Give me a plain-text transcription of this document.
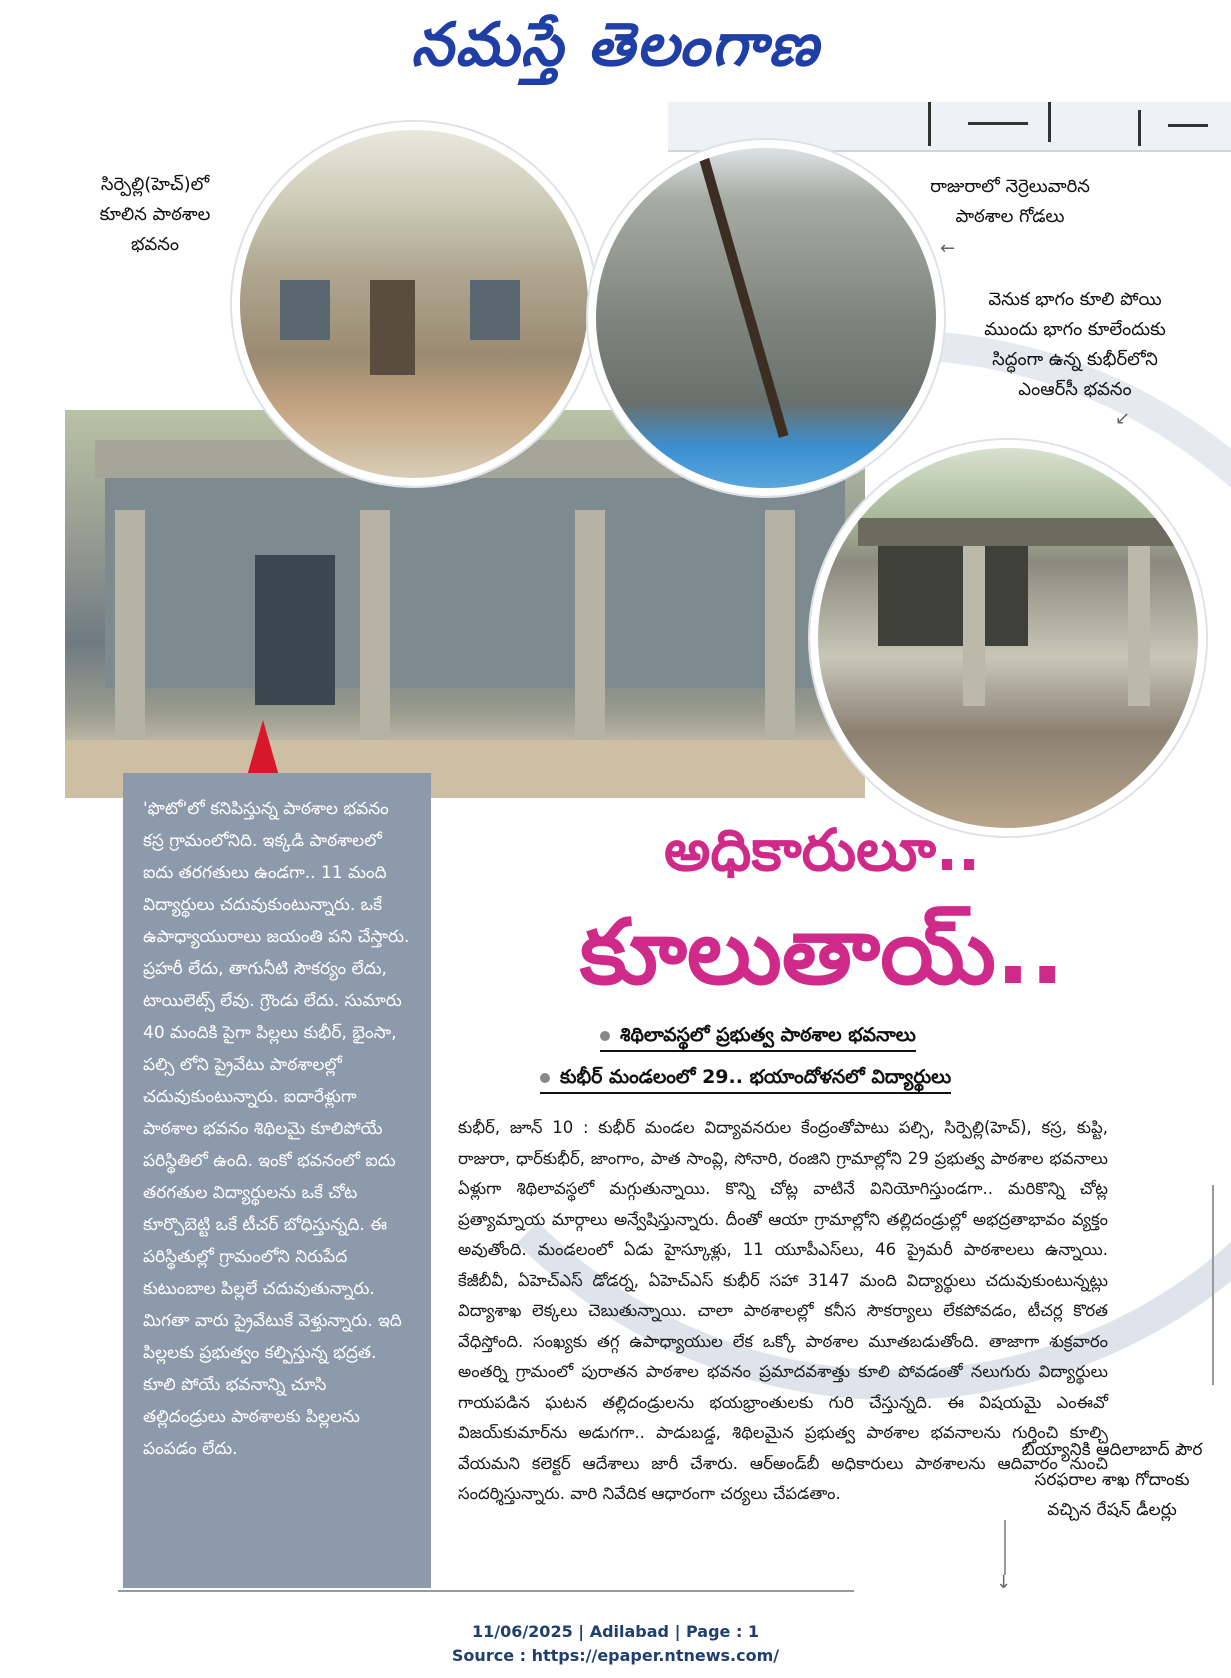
నమస్తే తెలంగాణ
సిర్పెల్లి(హెచ్)లో కూలిన పాఠశాల భవనం
రాజురాలో నెర్రెలువారిన పాఠశాల గోడలు
←
వెనుక భాగం కూలి పోయి ముందు భాగం కూలేందుకు సిద్ధంగా ఉన్న కుభీర్‌లోని ఎంఆర్‌సీ భవనం
↙
'ఫొటో'లో కనిపిస్తున్న పాఠశాల భవనం కస్ర గ్రామంలోనిది. ఇక్కడి పాఠశాలలో ఐదు తరగతులు ఉండగా.. 11 మంది విద్యార్థులు చదువుకుంటున్నారు. ఒకే ఉపాధ్యాయురాలు జయంతి పని చేస్తారు. ప్రహరీ లేదు, తాగునీటి సౌకర్యం లేదు, టాయిలెట్స్ లేవు. గ్రౌండు లేదు. సుమారు 40 మందికి పైగా పిల్లలు కుభీర్, భైంసా, పల్సి లోని ప్రైవేటు పాఠశాలల్లో చదువుకుంటున్నారు. ఐదారేళ్లుగా పాఠశాల భవనం శిథిలమై కూలిపోయే పరిస్థితిలో ఉంది. ఇంకో భవనంలో ఐదు తరగతుల విద్యార్థులను ఒకే చోట కూర్చొబెట్టి ఒకే టీచర్ బోధిస్తున్నది. ఈ పరిస్థితుల్లో గ్రామంలోని నిరుపేద కుటుంబాల పిల్లలే చదువుతున్నారు. మిగతా వారు ప్రైవేటుకే వెళ్తున్నారు. ఇది పిల్లలకు ప్రభుత్వం కల్పిస్తున్న భద్రత. కూలి పోయే భవనాన్ని చూసి తల్లిదండ్రులు పాఠశాలకు పిల్లలను పంపడం లేదు.
అధికారులూ..
కూలుతాయ్..
శిథిలావస్థలో ప్రభుత్వ పాఠశాల భవనాలు
కుభీర్ మండలంలో 29.. భయాందోళనలో విద్యార్థులు
కుభీర్, జూన్ 10 : కుభీర్ మండల విద్యావనరుల కేంద్రంతోపాటు పల్సి, సిర్పెల్లి(హెచ్), కస్ర, కుప్టి, రాజురా, ధార్‌కుభీర్, జాంగాం, పాత సాంవ్లి, సోనారి, రంజిని గ్రామాల్లోని 29 ప్రభుత్వ పాఠశాల భవనాలు ఏళ్లుగా శిథిలావస్థలో మగ్గుతున్నాయి. కొన్ని చోట్ల వాటినే వినియోగిస్తుండగా.. మరికొన్ని చోట్ల ప్రత్యామ్నాయ మార్గాలు అన్వేషిస్తున్నారు. దీంతో ఆయా గ్రామాల్లోని తల్లిదండ్రుల్లో అభద్రతాభావం వ్యక్తం అవుతోంది. మండలంలో ఏడు హైస్కూళ్లు, 11 యూపీఎస్‌లు, 46 ప్రైమరీ పాఠశాలలు ఉన్నాయి. కేజీబీవీ, ఏహెచ్ఎస్ డోడర్న, ఏహెచ్ఎస్ కుభీర్ సహా 3147 మంది విద్యార్థులు చదువుకుంటున్నట్లు విద్యాశాఖ లెక్కలు చెబుతున్నాయి. చాలా పాఠశాలల్లో కనీస సౌకర్యాలు లేకపోవడం, టీచర్ల కొరత వేధిస్తోంది. సంఖ్యకు తగ్గ ఉపాధ్యాయుల లేక ఒక్కో పాఠశాల మూతబడుతోంది. తాజాగా శుక్రవారం అంతర్ని గ్రామంలో పురాతన పాఠశాల భవనం ప్రమాదవశాత్తు కూలి పోవడంతో నలుగురు విద్యార్థులు గాయపడిన ఘటన తల్లిదండ్రులను భయభ్రాంతులకు గురి చేస్తున్నది. ఈ విషయమై ఎంఈవో విజయ్‌కుమార్‌ను అడుగగా.. పాడుబడ్డ, శిథిలమైన ప్రభుత్వ పాఠశాల భవనాలను గుర్తించి కూల్చి వేయమని కలెక్టర్ ఆదేశాలు జారీ చేశారు. ఆర్అండ్‌బీ అధికారులు పాఠశాలను ఆదివారం నుంచి సందర్శిస్తున్నారు. వారి నివేదిక ఆధారంగా చర్యలు చేపడతాం.
↓
బియ్యానికి ఆదిలాబాద్ పౌర సరఫరాల శాఖ గోదాంకు వచ్చిన రేషన్ డీలర్లు
11/06/2025 | Adilabad | Page : 1
Source : https://epaper.ntnews.com/
